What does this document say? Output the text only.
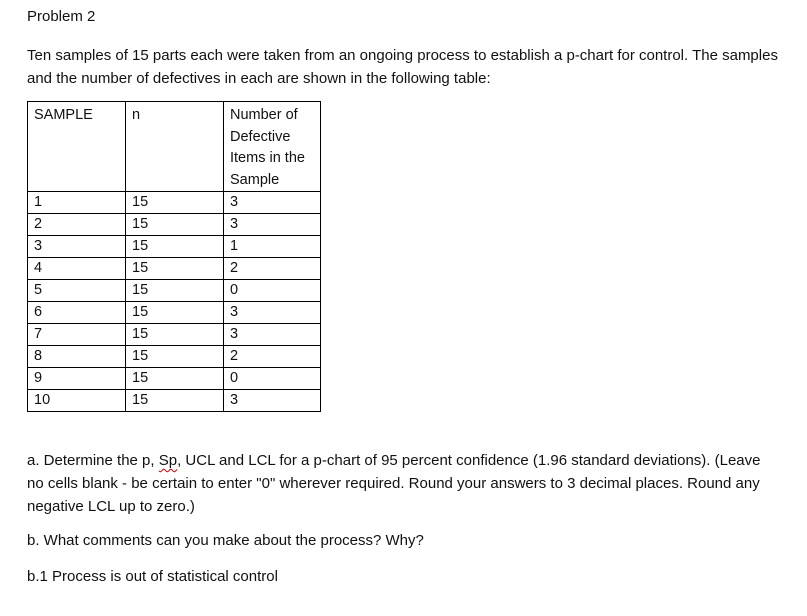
Problem 2
Ten samples of 15 parts each were taken from an ongoing process to establish a p-chart for control. The samples and the number of defectives in each are shown in the following table:
SAMPLE	n	Number of Defective Items in the Sample
1	15	3
2	15	3
3	15	1
4	15	2
5	15	0
6	15	3
7	15	3
8	15	2
9	15	0
10	15	3
a. Determine the p, Sp, UCL and LCL for a p-chart of 95 percent confidence (1.96 standard deviations). (Leave no cells blank - be certain to enter "0" wherever required. Round your answers to 3 decimal places. Round any negative LCL up to zero.)
b. What comments can you make about the process? Why?
b.1 Process is out of statistical control
